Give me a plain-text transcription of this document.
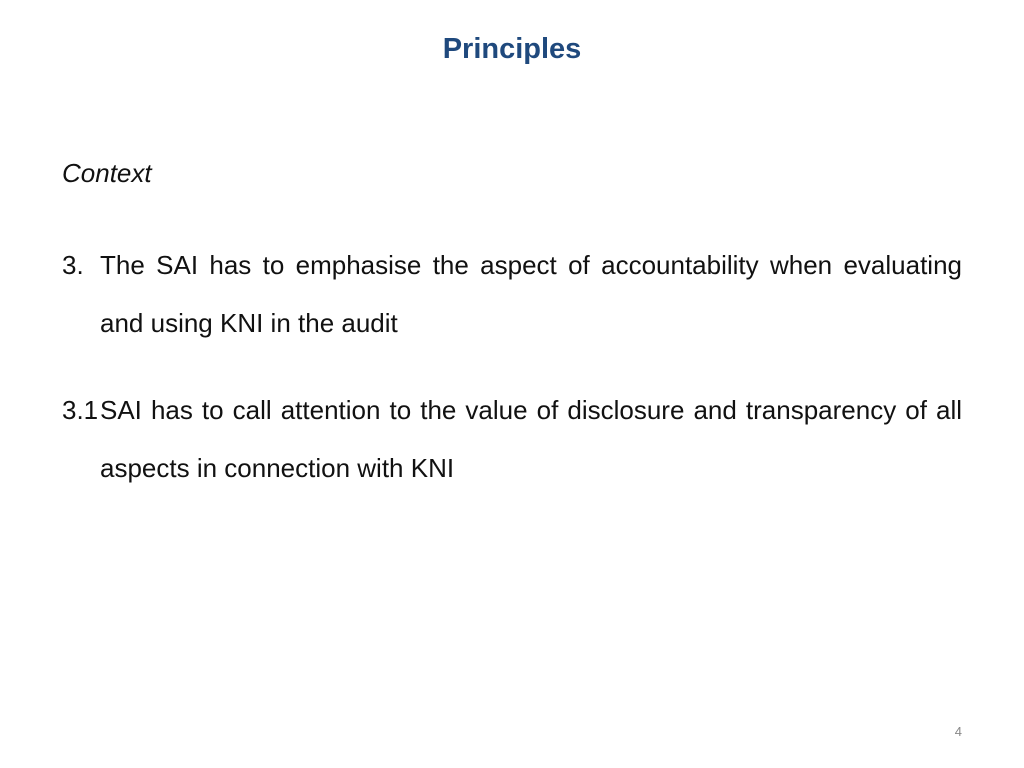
Principles
Context
3. The SAI has to emphasise the aspect of accountability when evaluating and using KNI in the audit
3.1SAI has to call attention to the value of disclosure and transparency of all aspects in connection with KNI
4
